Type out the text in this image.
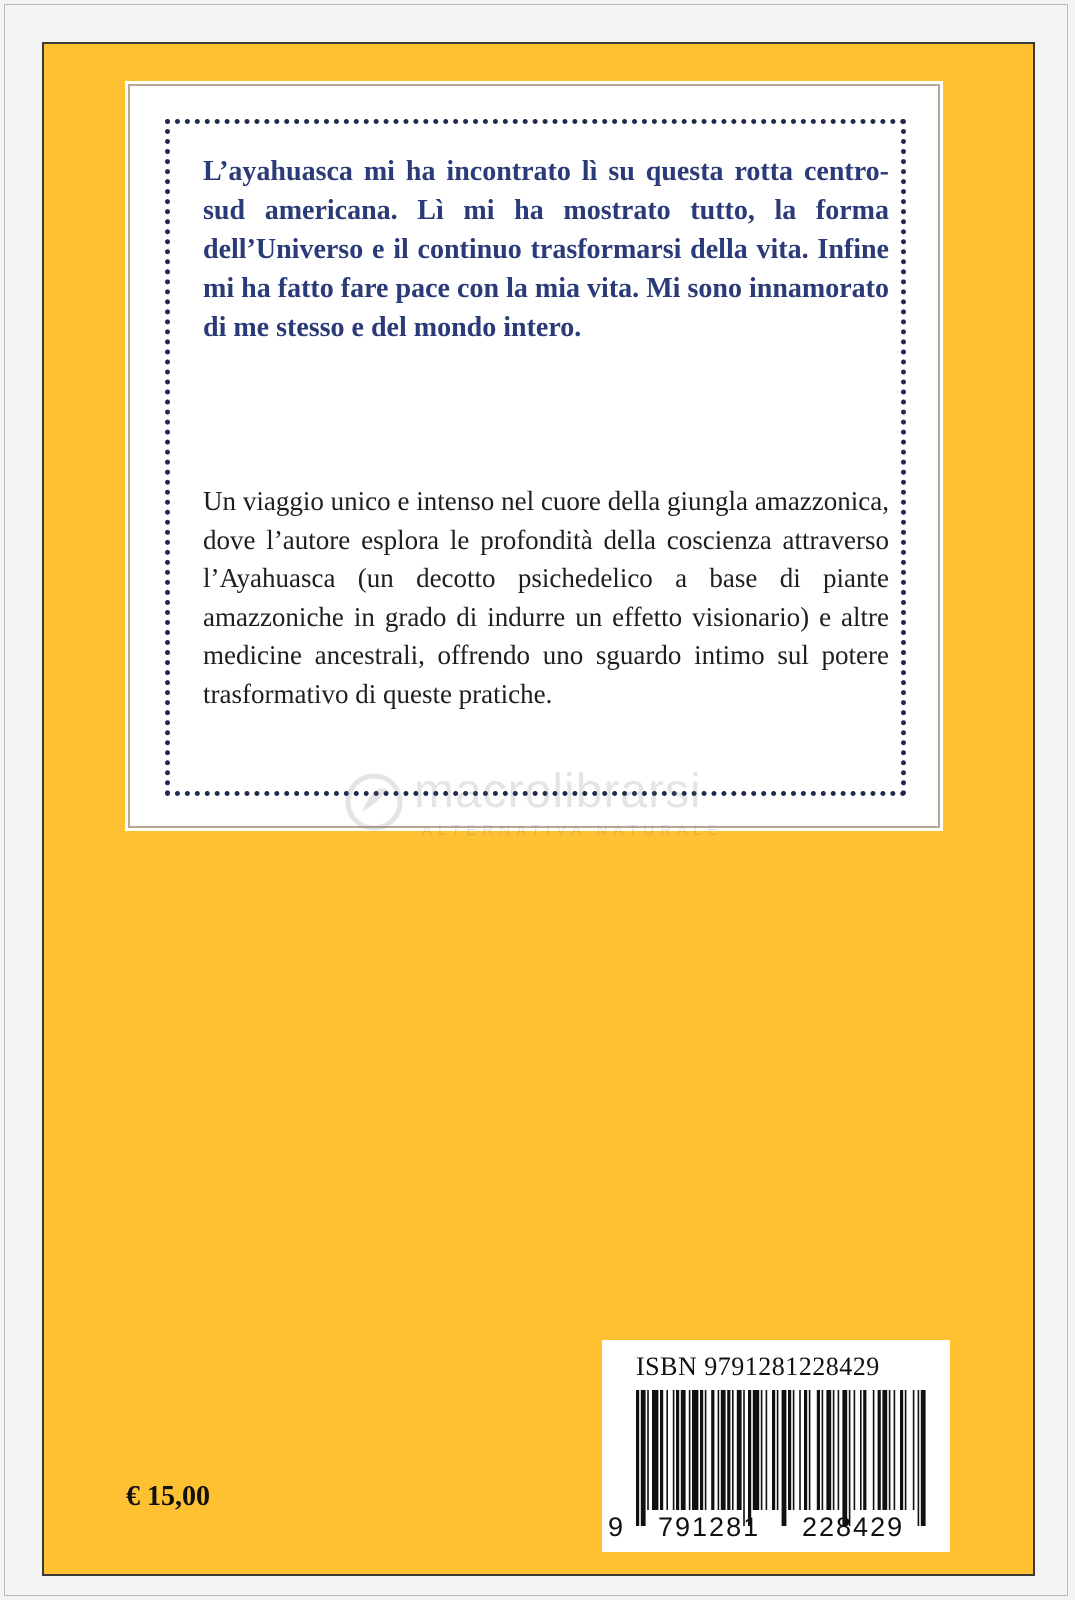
L’ayahuasca mi ha incontrato lì su questa rotta centro-sud americana. Lì mi ha mostrato tutto, la forma dell’Universo e il continuo trasformarsi della vita. Infine mi ha fatto fare pace con la mia vita. Mi sono innamorato di me stesso e del mondo intero.

Un viaggio unico e intenso nel cuore della giungla amazzonica, dove l’autore esplora le profondità della coscienza attraverso l’Ayahuasca (un decotto psichedelico a base di piante amazzoniche in grado di indurre un effetto visionario) e altre medicine ancestrali, offrendo uno sguardo intimo sul potere trasformativo di queste pratiche.

macrolibrarsi
ALTERNATIVA NATURALE

ISBN 9791281228429

9 791281 228429

€ 15,00
